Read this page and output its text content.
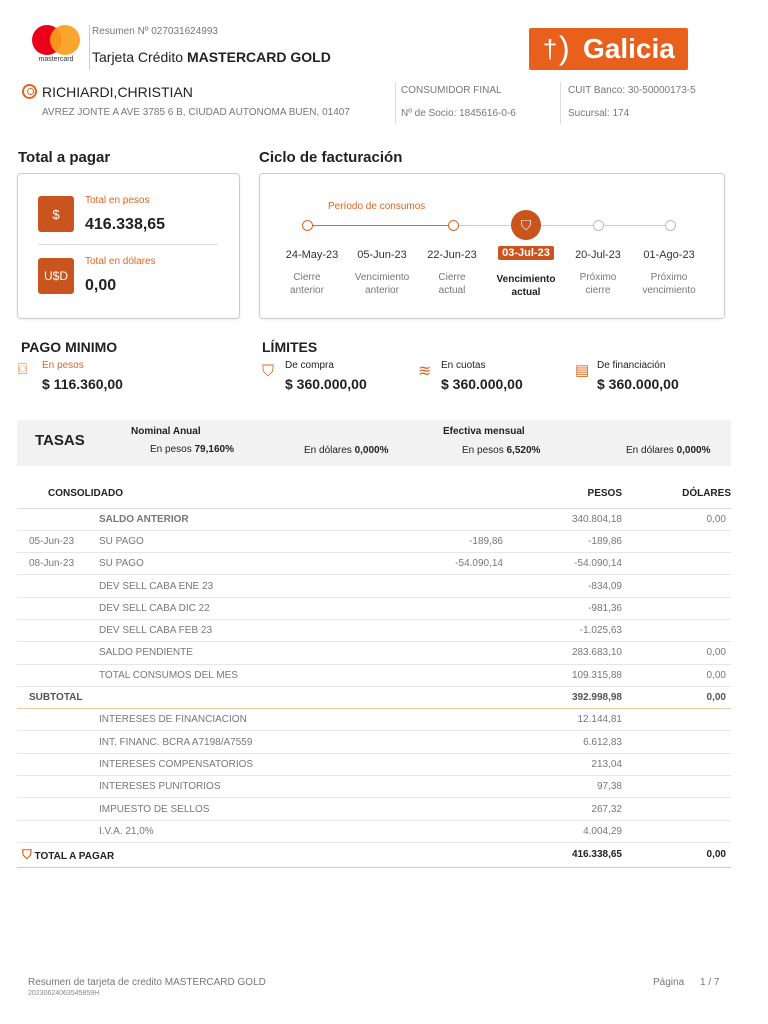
mastercard
Resumen Nº 027031624993
Tarjeta Crédito MASTERCARD GOLD	† ) Galicia
RICHIARDI,CHRISTIAN
AVREZ JONTE A AVE 3785 6 B, CIUDAD AUTONOMA BUEN, 01407
CONSUMIDOR FINAL
Nº de Socio: 1845616-0-6
CUIT Banco: 30-50000173-5
Sucursal: 174
Total a pagar
$
Total en pesos
416.338,65
U$D
Total en dólares
0,00
Ciclo de facturación
Período de consumos
⛉
24-May-23
Cierre
anterior
05-Jun-23
Vencimiento
anterior
22-Jun-23
Cierre
actual
03-Jul-23
Vencimiento
actual
20-Jul-23
Próximo
cierre
01-Ago-23
Próximo
vencimiento
PAGO MINIMO
⌼ En pesos
$ 116.360,00
LÍMITES
⛉ De compra
$ 360.000,00
≋ En cuotas
$ 360.000,00
▤ De financiación
$ 360.000,00
TASAS
Nominal Anual
En pesos 79,160%	En dólares 0,000%
Efectiva mensual
En pesos 6,520%	En dólares 0,000%
CONSOLIDADO			PESOS	DÓLARES
	SALDO ANTERIOR		340.804,18	0,00
05-Jun-23	SU PAGO	-189,86	-189,86	
08-Jun-23	SU PAGO	-54.090,14	-54.090,14	
	DEV SELL CABA ENE 23		-834,09	
	DEV SELL CABA DIC 22		-981,36	
	DEV SELL CABA FEB 23		-1.025,63	
	SALDO PENDIENTE		283.683,10	0,00
	TOTAL CONSUMOS DEL MES		109.315,88	0,00
SUBTOTAL			392.998,98	0,00
	INTERESES DE FINANCIACION		12.144,81	
	INT. FINANC. BCRA A7198/A7559		6.612,83	
	INTERESES COMPENSATORIOS		213,04	
	INTERESES PUNITORIOS		97,38	
	IMPUESTO DE SELLOS		267,32	
	I.V.A. 21,0%		4.004,29	
⛉ TOTAL A PAGAR			416.338,65	0,00
Resumen de tarjeta de credito MASTERCARD GOLD
2023062406354585​9H
Página 1 / 7
